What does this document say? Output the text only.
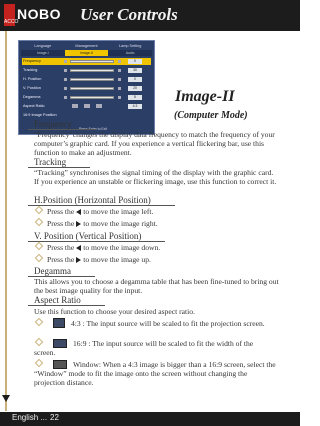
NOBO
ACCO	User Controls
Language	Management	Lamp Setting
Image-I	Image-II	Audio
Frequency	0
Tracking	30
H. Position	0
V. Position	20
Degamma	5
Aspect Ratio	4:3
16:9 Image Position
Press Enter to Exit
Image-II
(Computer Mode)
Frequency
“Frequency”changes the display data frequency to match the frequency of your computer’s graphic card. If you experience a vertical flickering bar, use this function to make an adjustment.
Tracking
“Tracking” synchronises the signal timing of the display with the graphic card. If you experience an unstable or flickering image, use this function to correct it.
H.Position (Horizontal Position)
Press the to move the image left.
Press the to move the image right.
V. Position (Vertical Position)
Press the to move the image down.
Press the to move the image up.
Degamma
This allows you to choose a degamma table that has been fine-tuned to bring out the best image quality for the input.
Aspect Ratio
Use this function to choose your desired aspect ratio.
4:3 : The input source will be scaled to fit the projection screen.
16:9 : The input source will be scaled to fit the width of the screen.
Window: When a 4:3 image is bigger than a 16:9 screen, select the “Window” mode to fit the image onto the screen without changing the projection distance.
English ... 22
